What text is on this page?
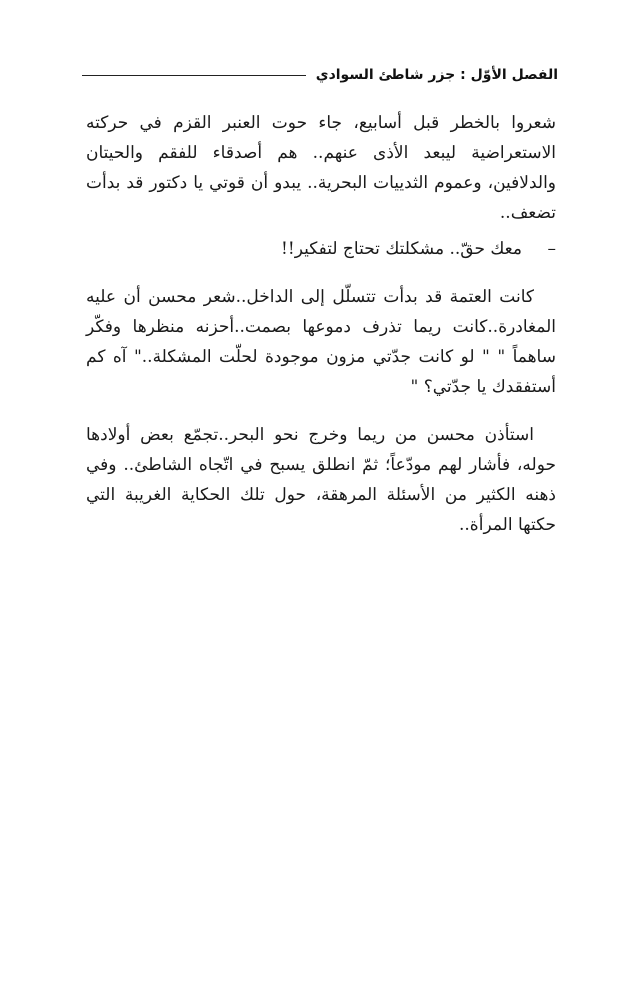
الفصل الأوّل : جزر شاطئ السوادي

شعروا بالخطر قبل أسابيع، جاء حوت العنبر القزم في حركته الاستعراضية ليبعد الأذى عنهم.. هم أصدقاء للفقم والحيتان والدلافين، وعموم الثدييات البحرية.. يبدو أن قوتي يا دكتور قد بدأت تضعف..

–
معك حقّ.. مشكلتك تحتاج لتفكير!!

كانت العتمة قد بدأت تتسلّل إلى الداخل..شعر محسن أن عليه المغادرة..كانت ريما تذرف دموعها بصمت..أحزنه منظرها وفكّر ساهماً " " لو كانت جدّتي مزون موجودة لحلّت المشكلة.." آه كم أستفقدك يا جدّتي؟ "

استأذن محسن من ريما وخرج نحو البحر..تجمّع بعض أولادها حوله، فأشار لهم مودّعاً؛ ثمّ انطلق يسبح في اتّجاه الشاطئ.. وفي ذهنه الكثير من الأسئلة المرهقة، حول تلك الحكاية الغريبة التي حكتها المرأة..
